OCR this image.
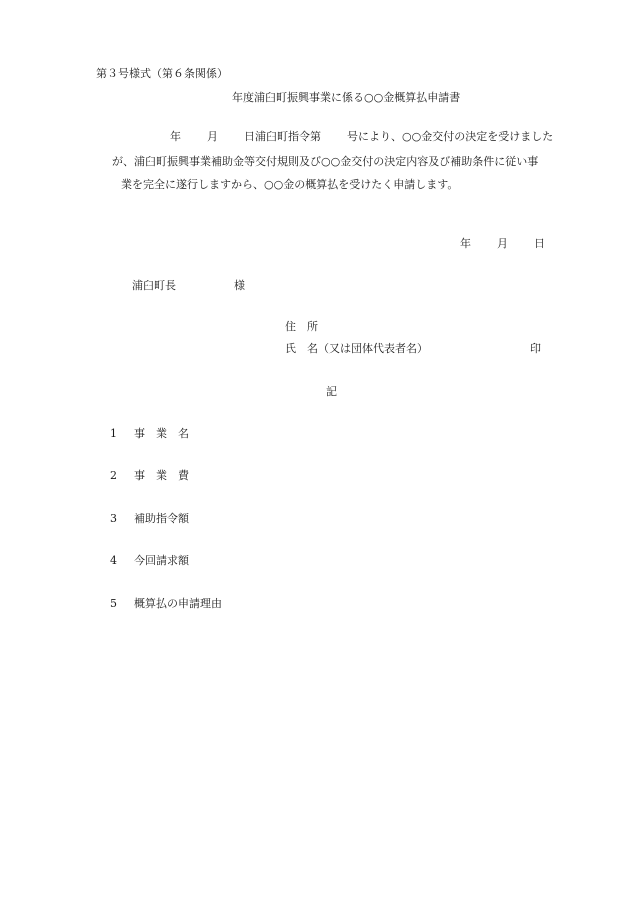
第３号様式（第６条関係）
年度浦臼町振興事業に係る○○金概算払申請書
年 月 日浦臼町指令第 号により、○○金交付の決定を受けました
が、浦臼町振興事業補助金等交付規則及び○○金交付の決定内容及び補助条件に従い事
業を完全に遂行しますから、○○金の概算払を受けたく申請します。
年 月 日
浦臼町長	様
住　所
氏　名（又は団体代表者名）	印
記
1 事　業　名
2 事　業　費
3 補助指令額
4 今回請求額
5 概算払の申請理由
